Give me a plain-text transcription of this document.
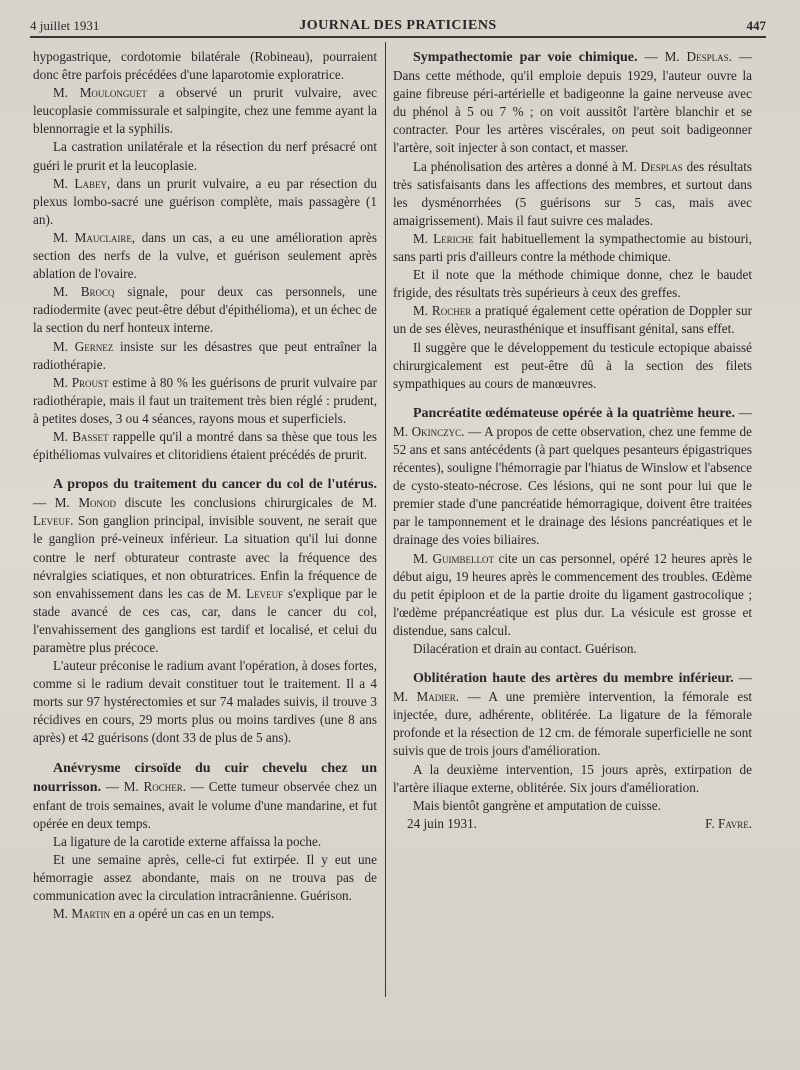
4 juillet 1931	JOURNAL DES PRATICIENS	447

hypogastrique, cordotomie bilatérale (Robineau), pourraient donc être parfois précédées d'une laparotomie exploratrice.

M. Moulonguet a observé un prurit vulvaire, avec leucoplasie commissurale et salpingite, chez une femme ayant la blennorragie et la syphilis.

La castration unilatérale et la résection du nerf présacré ont guéri le prurit et la leucoplasie.

M. Labey, dans un prurit vulvaire, a eu par résection du plexus lombo-sacré une guérison complète, mais passagère (1 an).

M. Mauclaire, dans un cas, a eu une amélioration après section des nerfs de la vulve, et guérison seulement après ablation de l'ovaire.

M. Brocq signale, pour deux cas personnels, une radiodermite (avec peut-être début d'épithélioma), et un échec de la section du nerf honteux interne.

M. Gernez insiste sur les désastres que peut entraîner la radiothérapie.

M. Proust estime à 80 % les guérisons de prurit vulvaire par radiothérapie, mais il faut un traitement très bien réglé : prudent, à petites doses, 3 ou 4 séances, rayons mous et superficiels.

M. Basset rappelle qu'il a montré dans sa thèse que tous les épithéliomas vulvaires et clitoridiens étaient précédés de prurit.

A propos du traitement du cancer du col de l'utérus. — M. Monod discute les conclusions chirurgicales de M. Leveuf. Son ganglion principal, invisible souvent, ne serait que le ganglion pré-veineux inférieur. La situation qu'il lui donne contre le nerf obturateur contraste avec la fréquence des névralgies sciatiques, et non obturatrices. Enfin la fréquence de son envahissement dans les cas de M. Leveuf s'explique par le stade avancé de ces cas, car, dans le cancer du col, l'envahissement des ganglions est tardif et localisé, et celui du paramètre plus précoce.

L'auteur préconise le radium avant l'opération, à doses fortes, comme si le radium devait constituer tout le traitement. Il a 4 morts sur 97 hystérectomies et sur 74 malades suivis, il trouve 3 récidives en cours, 29 morts plus ou moins tardives (une 8 ans après) et 42 guérisons (dont 33 de plus de 5 ans).

Anévrysme cirsoïde du cuir chevelu chez un nourrisson. — M. Rocher. — Cette tumeur observée chez un enfant de trois semaines, avait le volume d'une mandarine, et fut opérée en deux temps.

La ligature de la carotide externe affaissa la poche.

Et une semaine après, celle-ci fut extirpée. Il y eut une hémorragie assez abondante, mais on ne trouva pas de communication avec la circulation intracrânienne. Guérison.

M. Martin en a opéré un cas en un temps.

Sympathectomie par voie chimique. — M. Desplas. — Dans cette méthode, qu'il emploie depuis 1929, l'auteur ouvre la gaine fibreuse péri-artérielle et badigeonne la gaine nerveuse avec du phénol à 5 ou 7 % ; on voit aussitôt l'artère blanchir et se contracter. Pour les artères viscérales, on peut soit badigeonner l'artère, soit injecter à son contact, et masser.

La phénolisation des artères a donné à M. Desplas des résultats très satisfaisants dans les affections des membres, et surtout dans les dysménorrhées (5 guérisons sur 5 cas, mais avec amaigrissement). Mais il faut suivre ces malades.

M. Leriche fait habituellement la sympathectomie au bistouri, sans parti pris d'ailleurs contre la méthode chimique.

Et il note que la méthode chimique donne, chez le baudet frigide, des résultats très supérieurs à ceux des greffes.

M. Rocher a pratiqué également cette opération de Doppler sur un de ses élèves, neurasthénique et insuffisant génital, sans effet.

Il suggère que le développement du testicule ectopique abaissé chirurgicalement est peut-être dû à la section des filets sympathiques au cours de manœuvres.

Pancréatite œdémateuse opérée à la quatrième heure. — M. Okinczyc. — A propos de cette observation, chez une femme de 52 ans et sans antécédents (à part quelques pesanteurs épigastriques récentes), souligne l'hémorragie par l'hiatus de Winslow et l'absence de cysto-steato-nécrose. Ces lésions, qui ne sont pour lui que le premier stade d'une pancréatide hémorragique, doivent être traitées par le tamponnement et le drainage des lésions pancréatiques et le drainage des voies biliaires.

M. Guimbellot cite un cas personnel, opéré 12 heures après le début aigu, 19 heures après le commencement des troubles. Œdème du petit épiploon et de la partie droite du ligament gastrocolique ; l'œdème prépancréatique est plus dur. La vésicule est grosse et distendue, sans calcul.

Dilacération et drain au contact. Guérison.

Oblitération haute des artères du membre inférieur. — M. Madier. — A une première intervention, la fémorale est injectée, dure, adhérente, oblitérée. La ligature de la fémorale profonde et la résection de 12 cm. de fémorale superficielle ne sont suivis que de trois jours d'amélioration.

A la deuxième intervention, 15 jours après, extirpation de l'artère iliaque externe, oblitérée. Six jours d'amélioration.

Mais bientôt gangrène et amputation de cuisse.

24 juin 1931.	F. Favre.
